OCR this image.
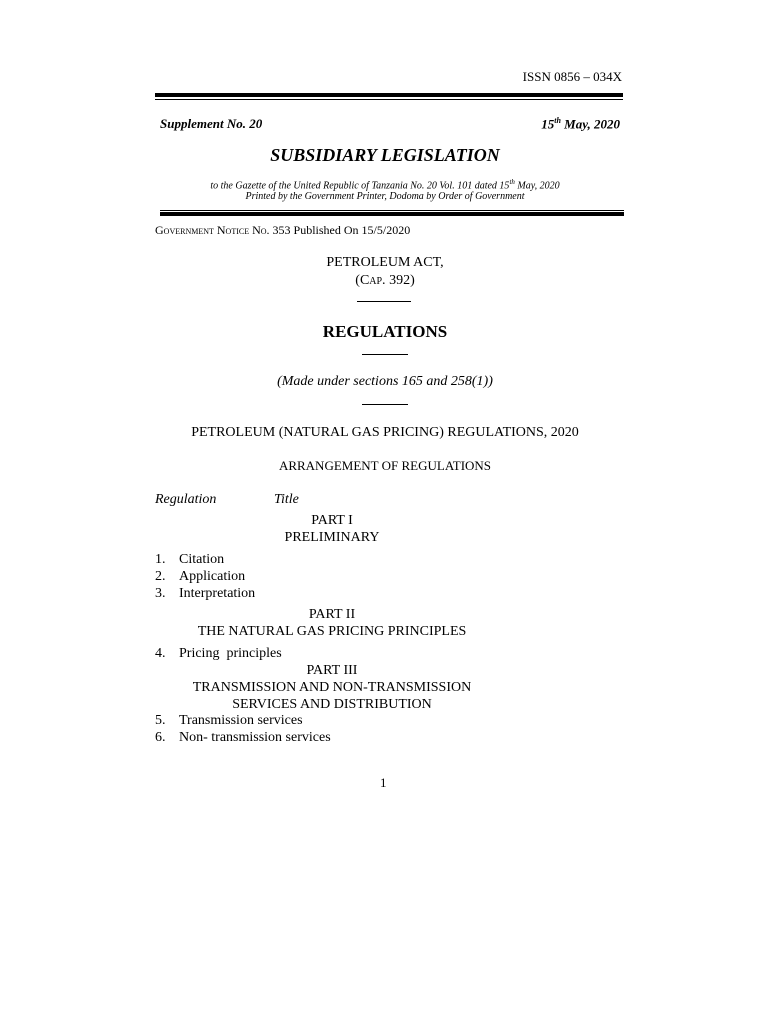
ISSN 0856 – 034X
Supplement No. 20	15th May, 2020
SUBSIDIARY LEGISLATION
to the Gazette of the United Republic of Tanzania No. 20 Vol. 101 dated 15th May, 2020
Printed by the Government Printer, Dodoma by Order of Government
Government Notice No. 353 Published On 15/5/2020
PETROLEUM ACT,
(Cap. 392)
REGULATIONS
(Made under sections 165 and 258(1))
PETROLEUM (NATURAL GAS PRICING) REGULATIONS, 2020
ARRANGEMENT OF REGULATIONS
Regulation	Title
PART I
PRELIMINARY
1. Citation
2. Application
3. Interpretation
PART II
THE NATURAL GAS PRICING PRINCIPLES
4. Pricing  principles
PART III
TRANSMISSION AND NON-TRANSMISSION
SERVICES AND DISTRIBUTION
5. Transmission services
6. Non- transmission services
1
